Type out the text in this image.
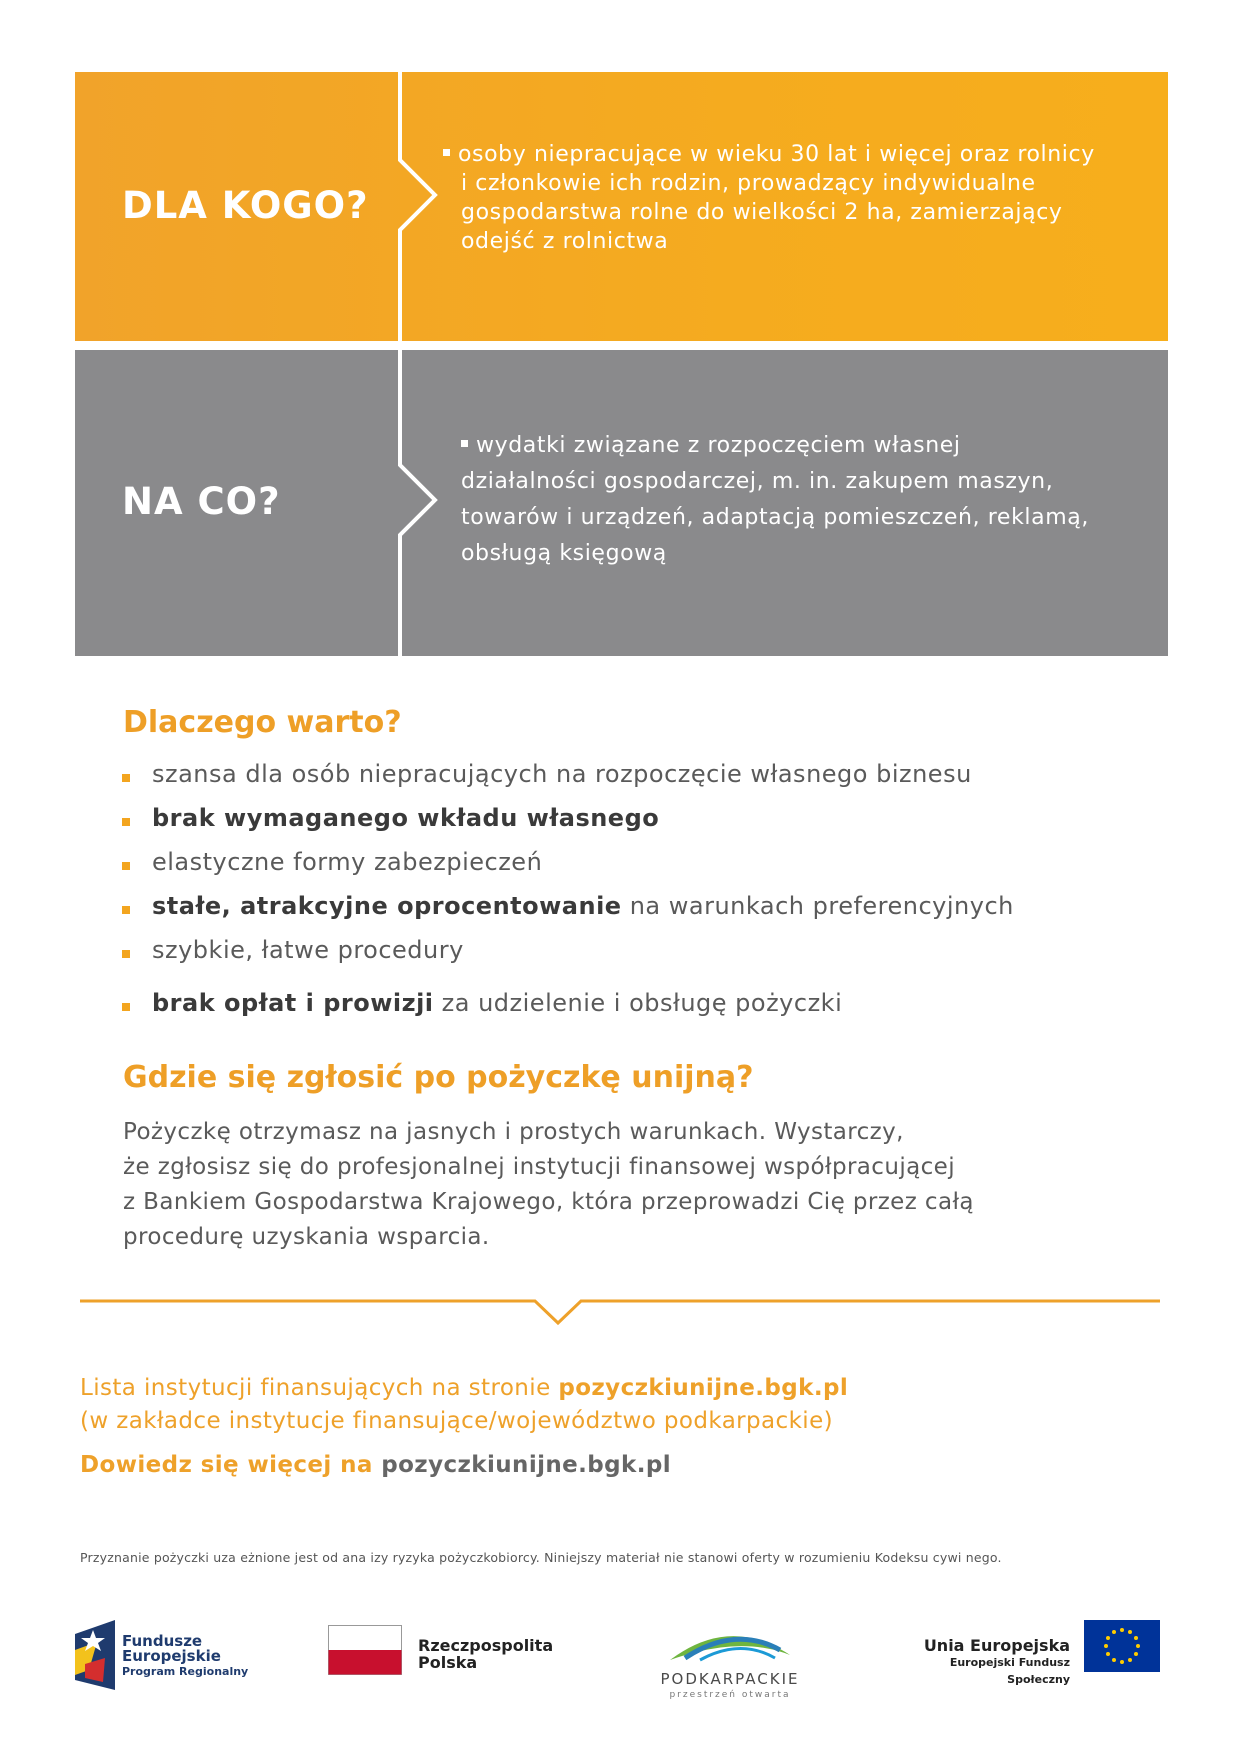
DLA KOGO?
osoby niepracujące w wieku 30 lat i więcej oraz rolnicy i członkowie ich rodzin, prowadzący indywidualne gospodarstwa rolne do wielkości 2 ha, zamierzający odejść z rolnictwa
NA CO?
wydatki związane z rozpoczęciem własnej działalności gospodarczej, m. in. zakupem maszyn, towarów i urządzeń, adaptacją pomieszczeń, reklamą, obsługą księgową
Dlaczego warto?
szansa dla osób niepracujących na rozpoczęcie własnego biznesu
brak wymaganego wkładu własnego
elastyczne formy zabezpieczeń
stałe, atrakcyjne oprocentowanie na warunkach preferencyjnych
szybkie, łatwe procedury
brak opłat i prowizji za udzielenie i obsługę pożyczki
Gdzie się zgłosić po pożyczkę unijną?
Pożyczkę otrzymasz na jasnych i prostych warunkach. Wystarczy,
że zgłosisz się do profesjonalnej instytucji finansowej współpracującej
z Bankiem Gospodarstwa Krajowego, która przeprowadzi Cię przez całą
procedurę uzyskania wsparcia.
Lista instytucji finansujących na stronie pozyczkiunijne.bgk.pl
(w zakładce instytucje finansujące/województwo podkarpackie)
Dowiedz się więcej na pozyczkiunijne.bgk.pl
Przyznanie pożyczki uza eżnione jest od ana izy ryzyka pożyczkobiorcy. Niniejszy materiał nie stanowi oferty w rozumieniu Kodeksu cywi nego.
Fundusze
Europejskie
Program Regionalny
Rzeczpospolita
Polska
PODKARPACKIE
przestrzeń otwarta
Unia Europejska
Europejski Fundusz Społeczny
